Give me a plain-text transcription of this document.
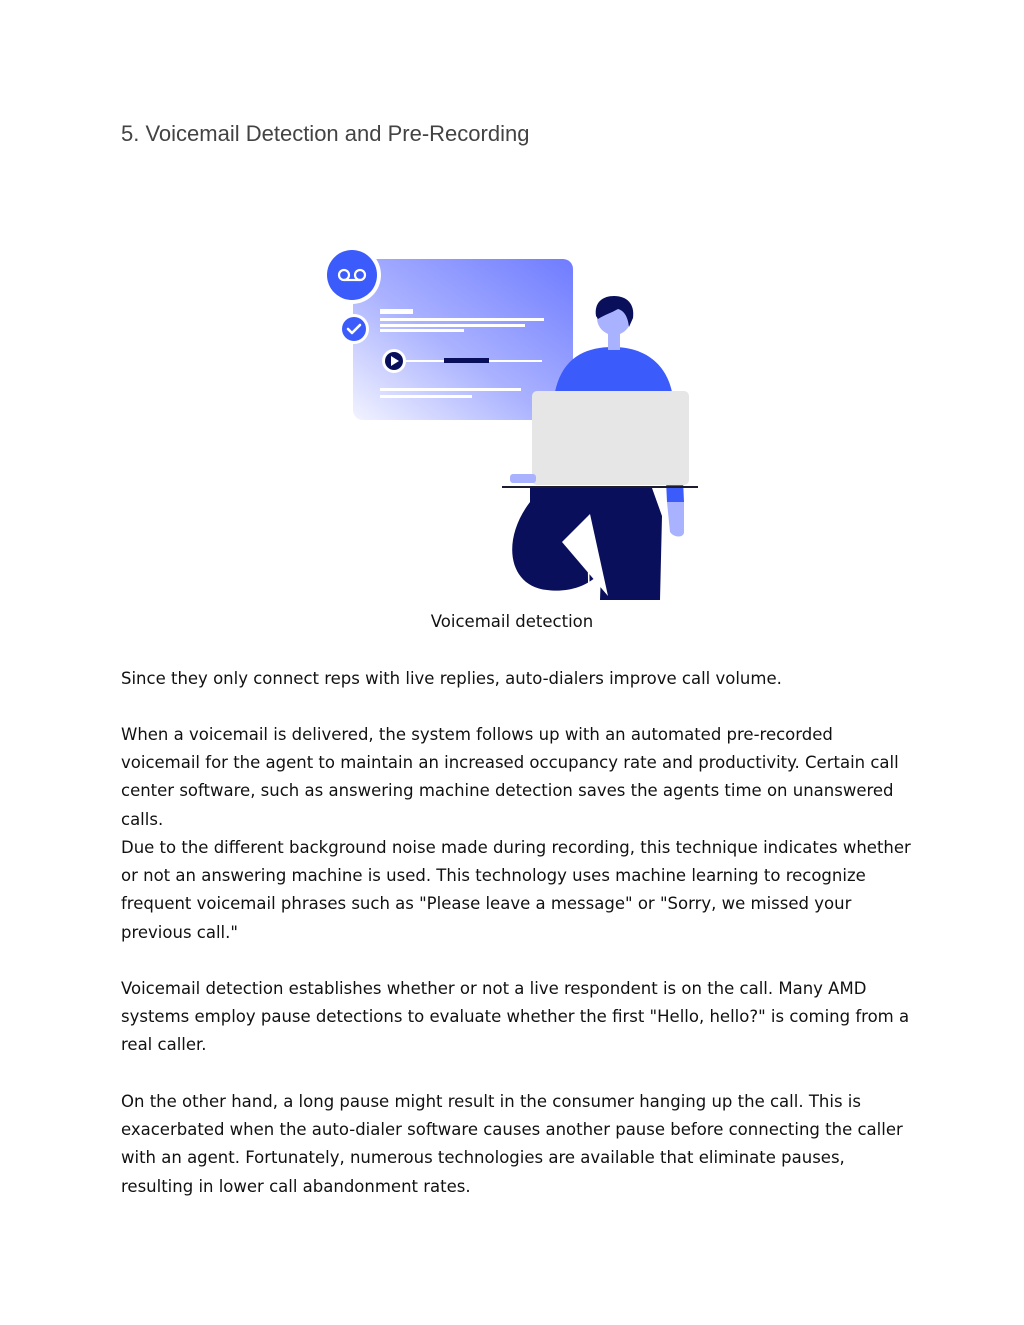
5. Voicemail Detection and Pre-Recording

Voicemail detection

Since they only connect reps with live replies, auto-dialers improve call volume.

When a voicemail is delivered, the system follows up with an automated pre-recorded voicemail for the agent to maintain an increased occupancy rate and productivity. Certain call center software, such as answering machine detection saves the agents time on unanswered calls.

Due to the different background noise made during recording, this technique indicates whether or not an answering machine is used. This technology uses machine learning to recognize frequent voicemail phrases such as "Please leave a message" or "Sorry, we missed your previous call."

Voicemail detection establishes whether or not a live respondent is on the call. Many AMD systems employ pause detections to evaluate whether the first "Hello, hello?" is coming from a real caller.

On the other hand, a long pause might result in the consumer hanging up the call. This is exacerbated when the auto-dialer software causes another pause before connecting the caller with an agent. Fortunately, numerous technologies are available that eliminate pauses, resulting in lower call abandonment rates.
